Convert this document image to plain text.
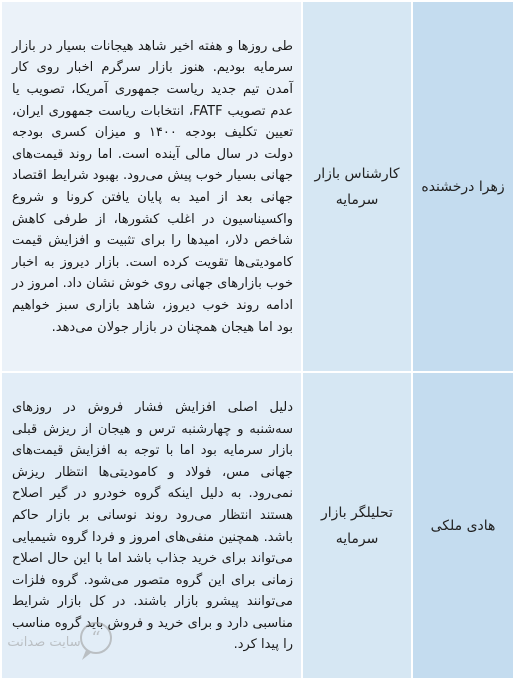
زهرا درخشنده	کارشناس بازار سرمایه	طی روزها و هفته اخیر شاهد هیجانات بسیار در بازار سرمایه بودیم. هنوز بازار سرگرم اخبار روی کار آمدن تیم جدید ریاست جمهوری آمریکا، تصویب یا عدم تصویب FATF، انتخابات ریاست جمهوری ایران، تعیین تکلیف بودجه ۱۴۰۰ و میزان کسری بودجه دولت در سال مالی آینده است. اما روند قیمت‌های جهانی بسیار خوب پیش می‌رود. بهبود شرایط اقتصاد جهانی بعد از امید به پایان یافتن کرونا و شروع واکسیناسیون در اغلب کشورها، از طرفی کاهش شاخص دلار، امیدها را برای تثبیت و افزایش قیمت کامودیتی‌ها تقویت کرده است. بازار دیروز به اخبار خوب بازارهای جهانی روی خوش نشان داد. امروز در ادامه روند خوب دیروز، شاهد بازاری سبز خواهیم بود اما هیجان همچنان در بازار جولان می‌دهد.

هادی ملکی	تحلیلگر بازار سرمایه	دلیل اصلی افزایش فشار فروش در روزهای سه‌شنبه و چهارشنبه ترس و هیجان از ریزش قبلی بازار سرمایه بود اما با توجه به افزایش قیمت‌های جهانی مس، فولاد و کامودیتی‌ها انتظار ریزش نمی‌رود. به دلیل اینکه گروه خودرو در گیر اصلاح هستند انتظار می‌رود روند نوسانی بر بازار حاکم باشد. همچنین منفی‌های امروز و فردا گروه شیمیایی می‌تواند برای خرید جذاب باشد اما با این حال اصلاح زمانی برای این گروه متصور می‌شود. گروه فلزات می‌توانند پیشرو بازار باشند. در کل بازار شرایط مناسبی دارد و برای خرید و فروش باید گروه مناسب را پیدا کرد.
“
سایت صدانت
